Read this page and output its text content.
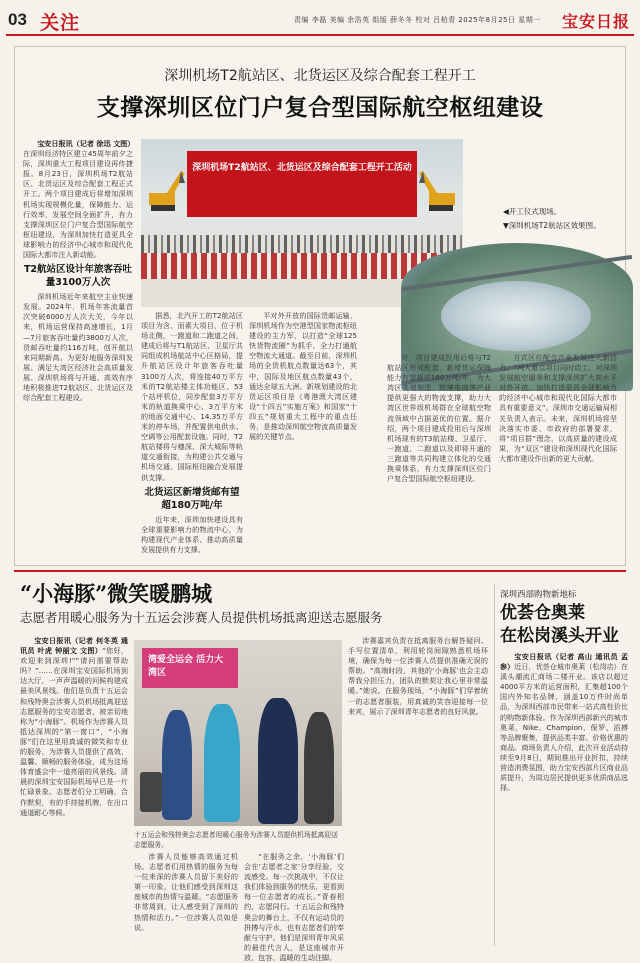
03 关注	责编 李磊 美编 余浩英 组版 薛冬冬 校对 吕柏青 2025年8月25日 星期一 宝安日报
深圳机场T2航站区、北货运区及综合配套工程开工
支撑深圳区位门户复合型国际航空枢纽建设

宝安日报讯（记者 徐迅 文图）在深圳经济特区建立45周年前夕之际，深圳重大工程项目建设再传捷报。8月23日，深圳机场T2航站区、北货运区及综合配套工程正式开工。两个项目建成后将增加深圳机场实现规模化量，保障能力、运行效率，发展空间全面扩升，有力支撑深圳区位门户复合型国际航空枢纽建设，为深圳加快打造更具全球影响力的经济中心城市和现代化国际大都市注入新动能。

T2航站区设计年旅客吞吐量3100万人次

深圳机场近年来航空主业快速发展。2024年，机场年客流量首次突破6000万人次大关，今年以来，机场运营保持高速增长，1月—7月旅客吞吐量约3800万人次，货邮吞吐量约116万吨，创开航以来同期新高。为更好地服务深圳发展、满足大湾区经济社会高质量发展、深圳机场将与开通、高效有序地积极推进T2航站区、北货运区及综合配套工程建设。

深圳机场T2航站区、北货运区及综合配套工程开工活动
◀开工仪式现场。
▼深圳机场T2航站区效果图。

据悉，北汽开工的T2航站区项目为含、而素大项目，位于机场北侧，一跑道和二跑道之间，建成后将与T1航站区、卫星厅共同组成机场航站中心区格局，提升航站区设计年旅客吞吐量3100万人次，将连接40万平方米的T2航站楼主体功能区、53个站坪机位，同步配套3万平方米的轨道换乘中心、3万平方米的地面交通中心、14.35万平方米的停车场，并配置供电供水、空调等公用配套设施。同时，T2航站楼将与穗深、深大城际等轨道交通衔接，为构建公共交通与机场交通、国际枢纽融合发展提供支撑。

北货运区新增货邮有望超180万吨/年

近年来，深圳加快建设具有全球重要影响力的物流中心，为构建现代产业体系、推动高质量发展提供有力支撑。

平对外开放的国际货邮运输，深圳机场作为空港型国家物流枢纽建设的主力军，以打造“全球125快货物流圈”为抓手，全力打通航空物流大通道。截至目前，深圳机场的全货机航点数量达63个，其中，国际及地区航点数量43个，通达全球五大洲。新规划建设的北货运区项目是《粤港澳大湾区建设“十四五”实施方案》和国家“十四五”规划重大工程中的重点任务，是推动深圳航空物流高质量发展的关键节点。

对，项目建成投用后将与T2航站区形成配套，新增货运保障能力有望超过180万吨/年，为大湾区高端制造、跨境电商等产业提供更强大的物流支撑，助力大湾区世界级机场群在全球航空物流领域中占据更优的位置。据介绍，两个项目建成投用后与深圳机场现有的T3航站楼、卫星厅、一跑道、二跑道以及即将开通的三跑道等共同构建立体化的交通换乘体系，有力支撑深圳区位门户复合型国际航空枢纽建设。

方式区位配合产业发展注入新活力。“两大重点项目同时动工，对深圳发展航空服务和支撑深圳扩大高水平对外开放、加快打造更具全球影响力的经济中心城市和现代化国际大都市具有重要意义”。深圳市交通运输局相关负责人表示。未来，深圳机场将坚决落实市委、市政府的部署要求，将“项目群”理念，以高质量的建设成果，为“双区”建设和深圳现代化国际大都市建设作出新的更大贡献。

“小海豚”微笑暖鹏城
志愿者用暖心服务为十五运会涉赛人员提供机场抵离迎送志愿服务

宝安日报讯（记者 何冬英 通讯员 叶虎 钟丽文 文图）“您好，欢迎来到深圳!”“请问需要帮助吗？”……在深圳宝安国际机场到达大厅，一声声温暖的问候构建成最美风景线。他们是负责十五运会和残特奥会涉赛人员机场抵离迎送志愿服务的宝安志愿者，被亲切地称为“小海豚”。机场作为涉赛人员抵达深圳的“第一窗口”，“小海豚”们在这里用真诚的微笑和专业的服务，为涉赛人员提供了高效、温馨、顺畅的服务体验，成为这场体育盛会中一道亮丽的风景线。清晨的深圳宝安国际机场早已是一片忙碌景象。志愿者们分工明确，合作默契，有的手持接机牌，在出口通道耐心等候。

湾爱全运会 活力大湾区
十五运会和残特奥会志愿者用暖心服务为涉赛人员提供机场抵离迎送志愿服务。

涉赛人员能够高效通过机场。志愿者们用热情的服务为每一位来深的涉赛人员留下美好的第一印象，让他们感受到深圳这座城市的热情与温暖。“志愿服务非常周到，让人感受到了深圳的热情和活力。”一位涉赛人员如是说。

“在服务之余，‘小海豚’们会在‘志愿者之家’分享经验，交流感受。每一次挑战中，不仅让我们体验到服务的快乐，更看到每一位志愿者的成长。”青春相约，志愿同行。十五运会和残特奥会的舞台上，不仅有运动员的拼搏与汗水，也有志愿者们的奉献与守护。他们是深圳青年风采的最佳代言人，是这座城市开放、包容、温暖的生动注脚。

涉赛嘉宾负责在抵离服务台解答疑问、手写位置清单，利用轮岗间隙熟悉机场环境，确保为每一位涉赛人员提供准确无误的帮助。“高端时段，其他的‘小海豚’也会主动帮我分担压力，团队的默契让我心里非常温暖。”她说。在服务现场，“小海豚”们穿着统一的志愿者服装，用真诚的笑容迎接每一位来宾，展示了深圳青年志愿者的良好风貌。

深圳西部购物新地标
优荟仓奥莱
在松岗溪头开业

宝安日报讯（记者 高山 通讯员 孟参）近日，优荟仓城市奥莱（松岗店）在溪头潮流汇商场二楼开业。该店以超过4000平方米的运营面积，汇集超100个国内外知名品牌，涵盖10万件时尚单品，为深圳西部市民带来一站式高性价比的购物新体验。作为深圳西部新兴的城市奥莱，Nike、Champion、保罗、滔搏等品牌聚集，提供品类丰富、价格优惠的商品。商场负责人介绍，此次开业活动持续至9月8日，期间推出开业折扣，持续营造消费氛围，助力宝安西部片区商业品质提升，为周边居民提供更多优质商品选择。
